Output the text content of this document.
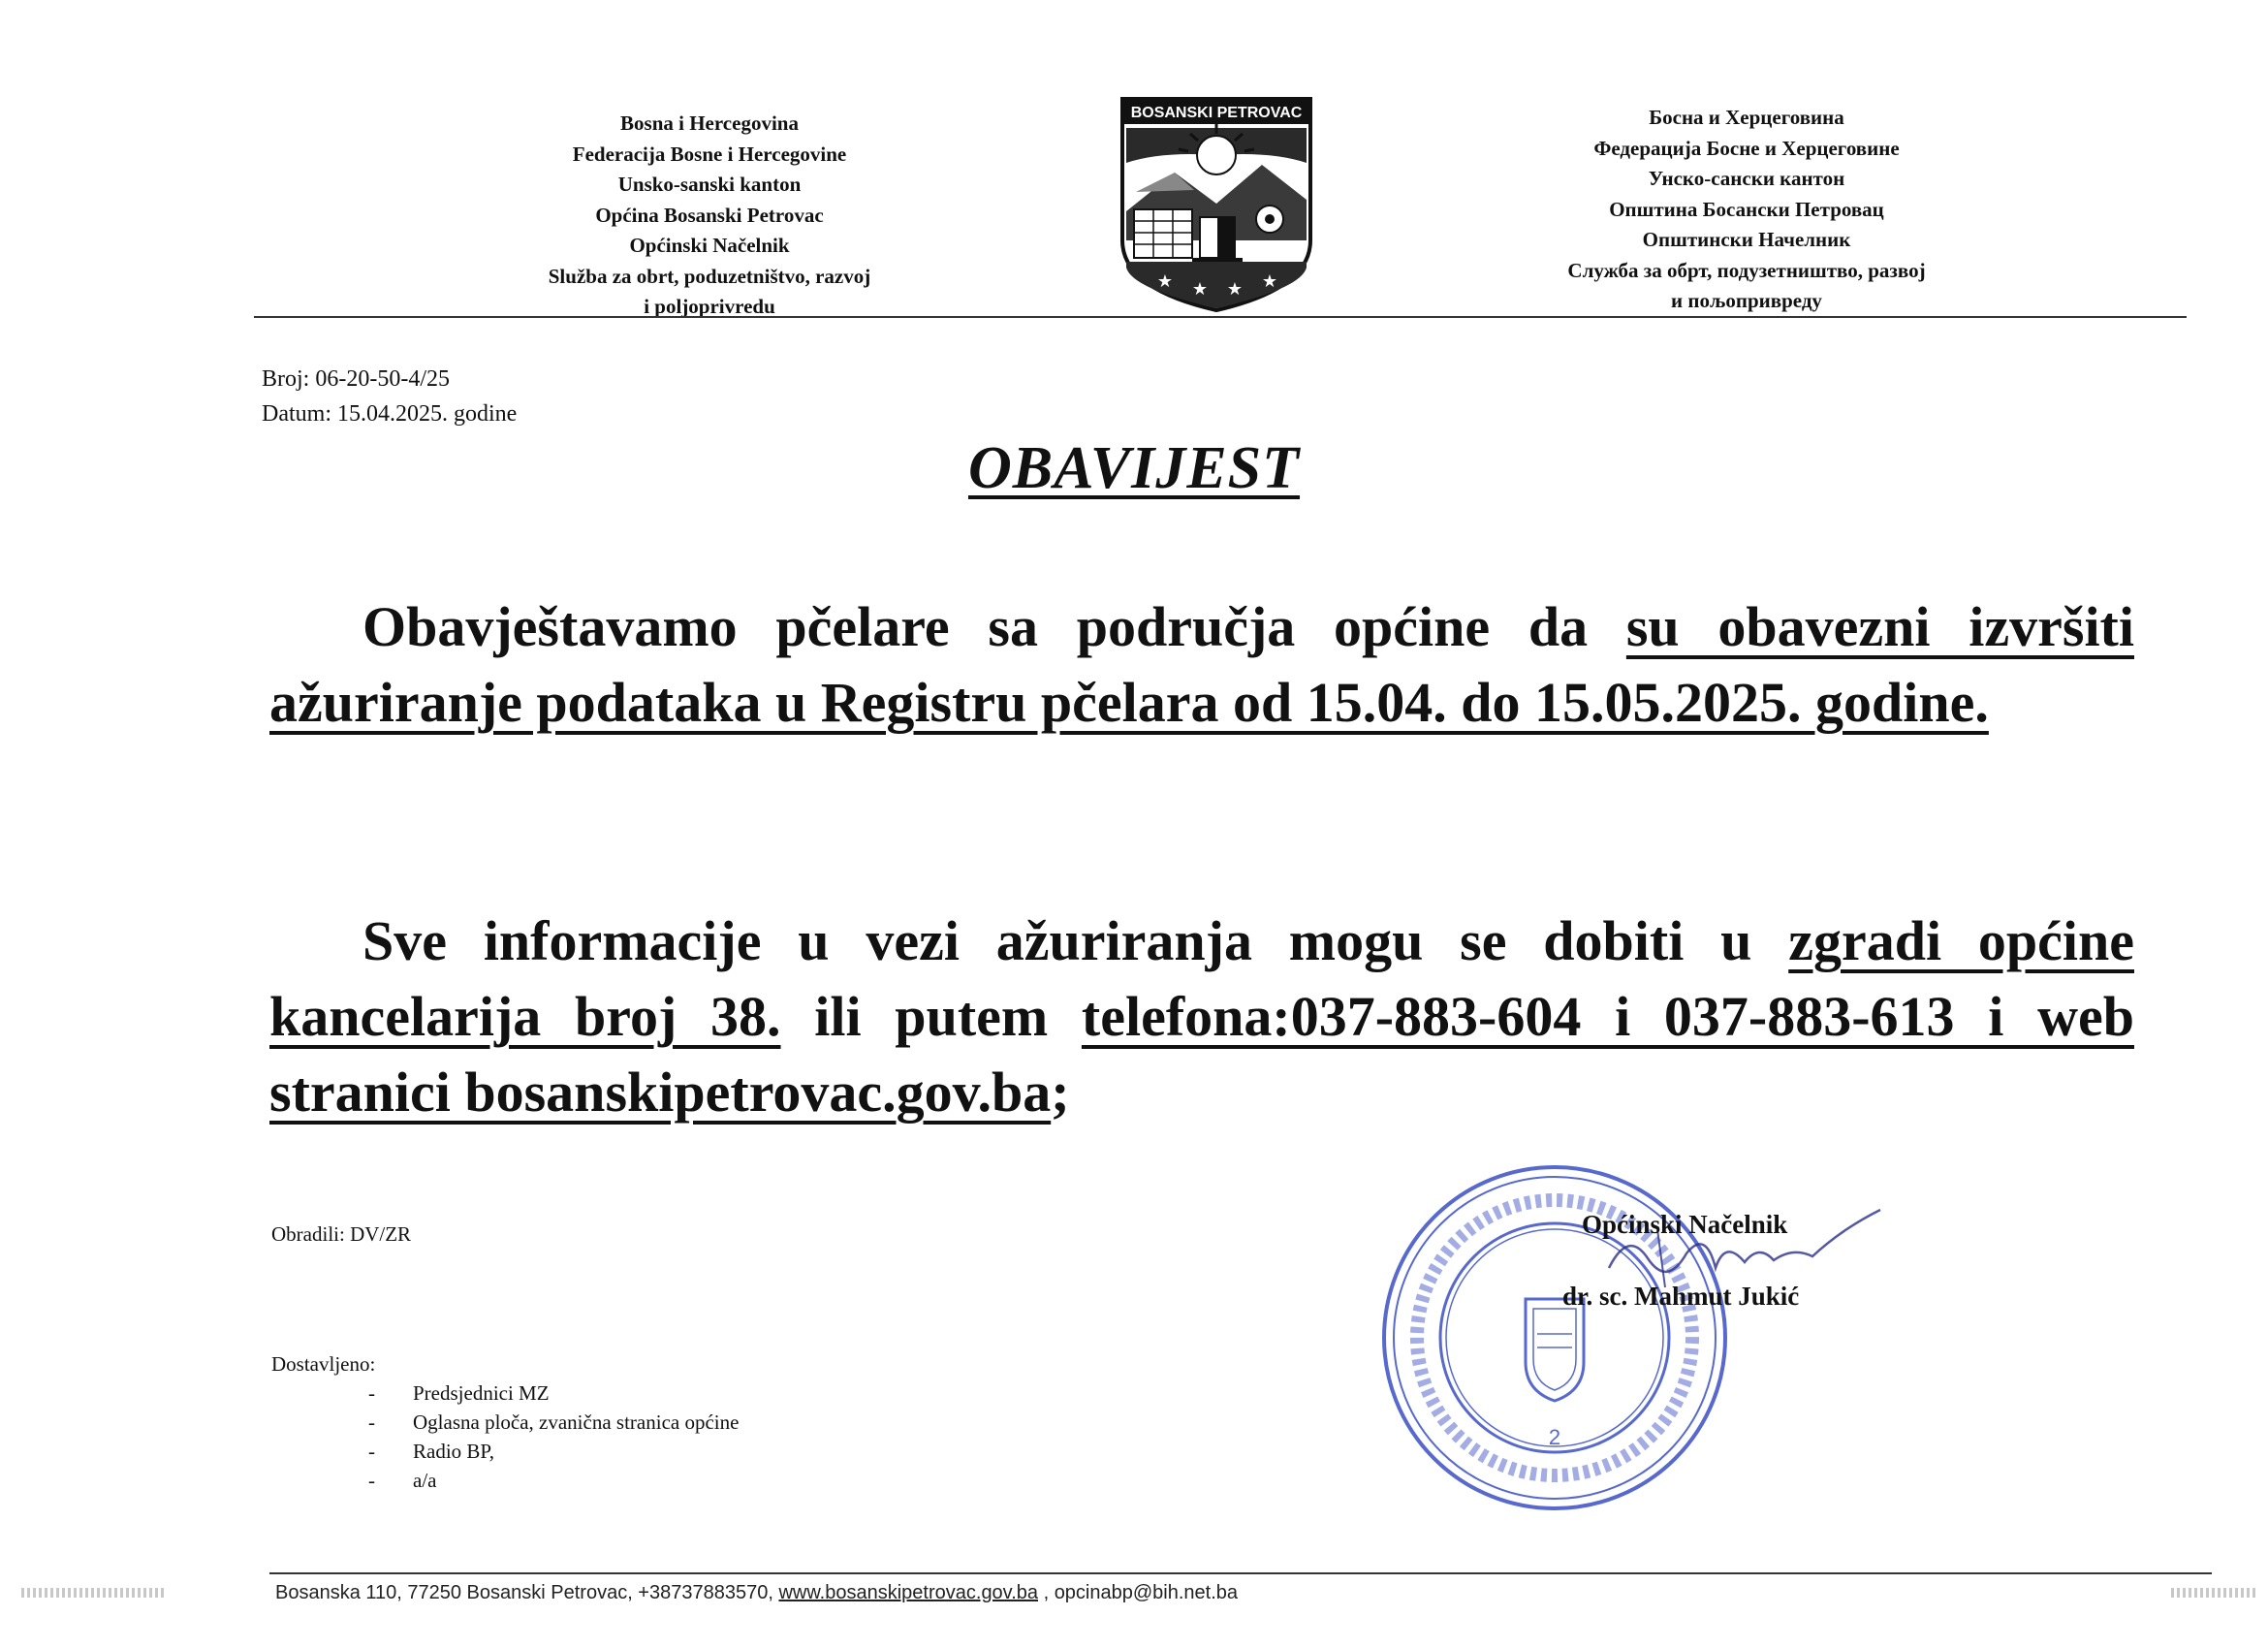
Bosna i Hercegovina
Federacija Bosne i Hercegovine
Unsko-sanski kanton
Općina Bosanski Petrovac
Općinski Načelnik
Služba za obrt, poduzetništvo, razvoj
i poljoprivredu
BOSANSKI PETROVAC
★ ★ ★ ★
Босна и Херцеговина
Федерација Босне и Херцеговине
Унско-сански кантон
Општина Босански Петровац
Општински Начелник
Служба за обрт, подузетништво, развој
и пољопривреду
Broj: 06-20-50-4/25
Datum: 15.04.2025. godine
OBAVIJEST
Obavještavamo pčelare sa područja općine da su obavezni izvršiti ažuriranje podataka u Registru pčelara od 15.04. do 15.05.2025. godine.
Sve informacije u vezi ažuriranja mogu se dobiti u zgradi općine kancelarija broj 38. ili putem telefona:037-883-604 i 037-883-613 i web stranici bosanskipetrovac.gov.ba;
Obradili: DV/ZR
Dostavljeno:
- Predsjednici MZ
- Oglasna ploča, zvanična stranica općine
- Radio BP,
- a/a
2
Općinski Načelnik
dr. sc. Mahmut Jukić
Bosanska 110, 77250 Bosanski Petrovac, +38737883570, www.bosanskipetrovac.gov.ba , opcinabp@bih.net.ba
